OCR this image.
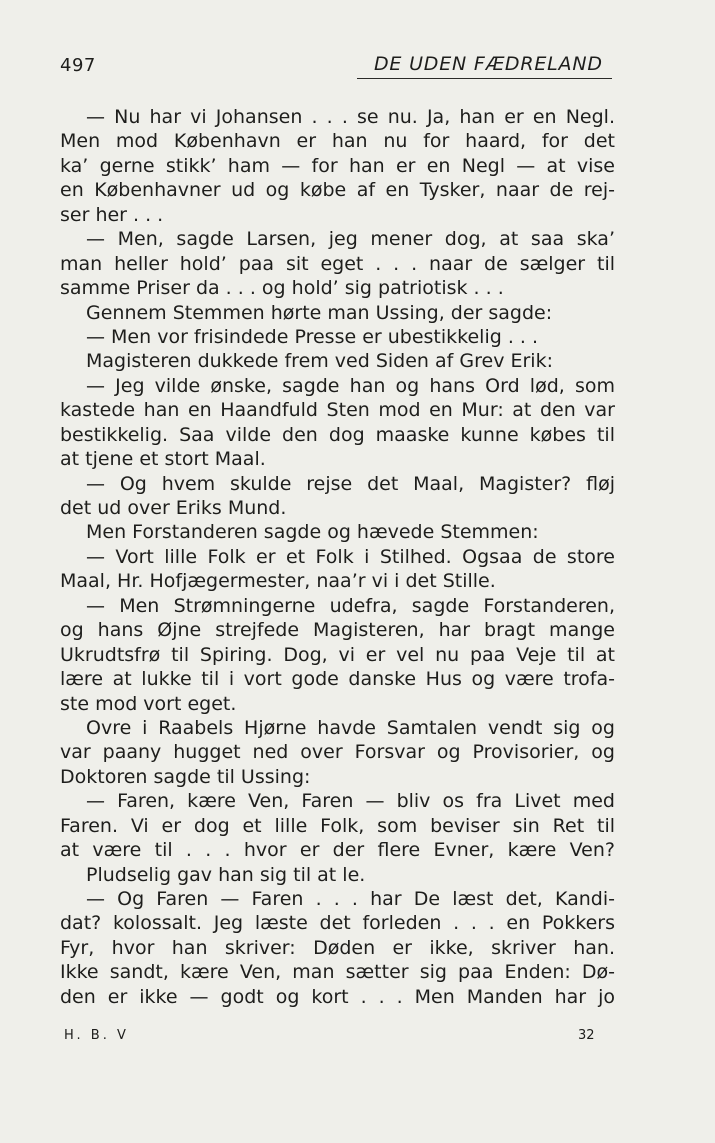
497	DE UDEN FÆDRELAND
— Nu har vi Johansen . . . se nu. Ja, han er en Negl.
Men mod København er han nu for haard, for det
ka’ gerne stikk’ ham — for han er en Negl — at vise
en Københavner ud og købe af en Tysker, naar de rej-
ser her . . .
— Men, sagde Larsen, jeg mener dog, at saa ska’
man heller hold’ paa sit eget . . . naar de sælger til
samme Priser da . . . og hold’ sig patriotisk . . .
Gennem Stemmen hørte man Ussing, der sagde:
— Men vor frisindede Presse er ubestikkelig . . .
Magisteren dukkede frem ved Siden af Grev Erik:
— Jeg vilde ønske, sagde han og hans Ord lød, som
kastede han en Haandfuld Sten mod en Mur: at den var
bestikkelig. Saa vilde den dog maaske kunne købes til
at tjene et stort Maal.
— Og hvem skulde rejse det Maal, Magister? fløj
det ud over Eriks Mund.
Men Forstanderen sagde og hævede Stemmen:
— Vort lille Folk er et Folk i Stilhed. Ogsaa de store
Maal, Hr. Hofjægermester, naa’r vi i det Stille.
— Men Strømningerne udefra, sagde Forstanderen,
og hans Øjne strejfede Magisteren, har bragt mange
Ukrudtsfrø til Spiring. Dog, vi er vel nu paa Veje til at
lære at lukke til i vort gode danske Hus og være trofa-
ste mod vort eget.
Ovre i Raabels Hjørne havde Samtalen vendt sig og
var paany hugget ned over Forsvar og Provisorier, og
Doktoren sagde til Ussing:
— Faren, kære Ven, Faren — bliv os fra Livet med
Faren. Vi er dog et lille Folk, som beviser sin Ret til
at være til . . . hvor er der flere Evner, kære Ven?
Pludselig gav han sig til at le.
— Og Faren — Faren . . . har De læst det, Kandi-
dat? kolossalt. Jeg læste det forleden . . . en Pokkers
Fyr, hvor han skriver: Døden er ikke, skriver han.
Ikke sandt, kære Ven, man sætter sig paa Enden: Dø-
den er ikke — godt og kort . . . Men Manden har jo
H. B. V	32
